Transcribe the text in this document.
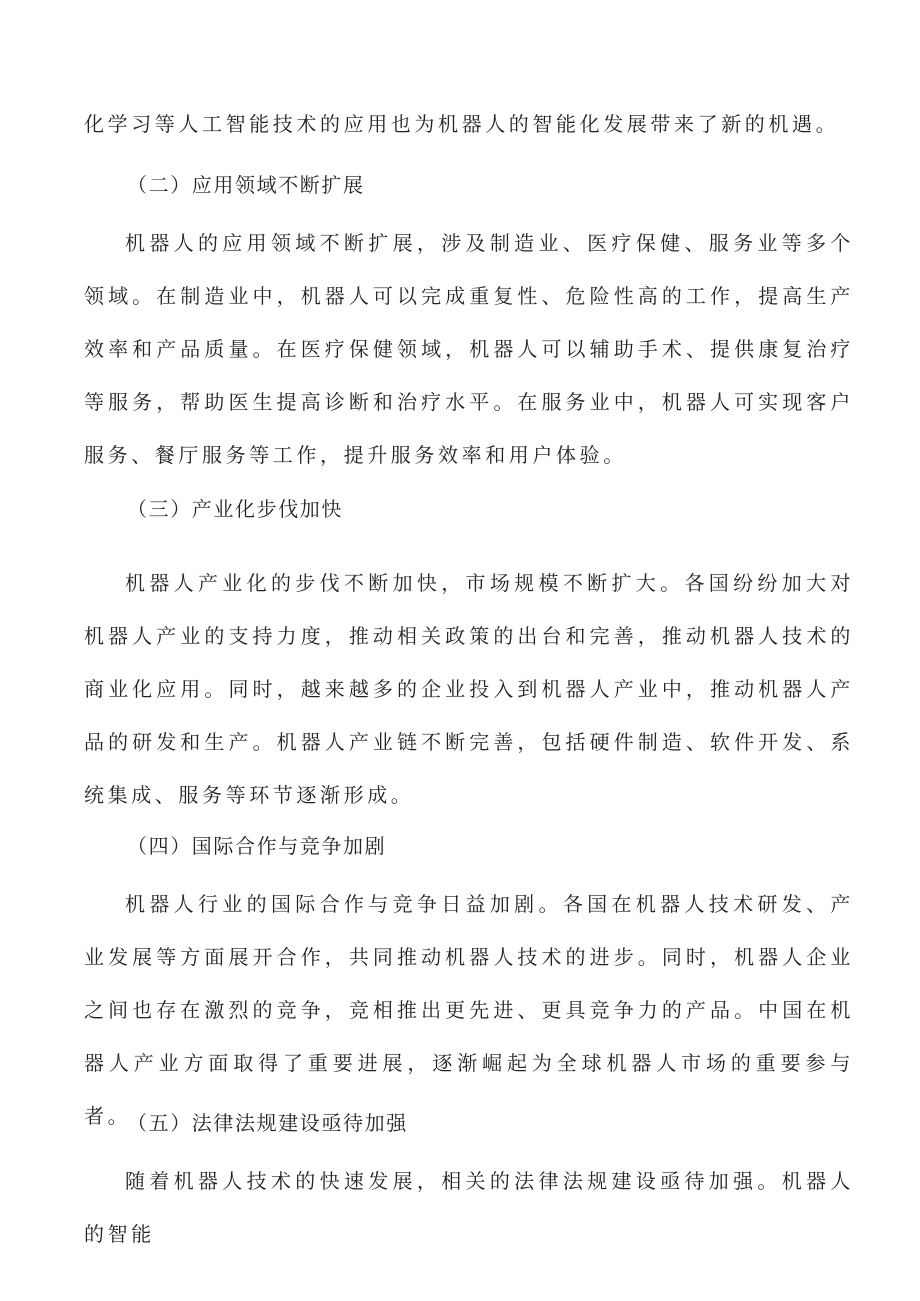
化学习等人工智能技术的应用也为机器人的智能化发展带来了新的机遇。
（二）应用领域不断扩展
机器人的应用领域不断扩展，涉及制造业、医疗保健、服务业等多个领域。在制造业中，机器人可以完成重复性、危险性高的工作，提高生产效率和产品质量。在医疗保健领域，机器人可以辅助手术、提供康复治疗等服务，帮助医生提高诊断和治疗水平。在服务业中，机器人可实现客户服务、餐厅服务等工作，提升服务效率和用户体验。
（三）产业化步伐加快
机器人产业化的步伐不断加快，市场规模不断扩大。各国纷纷加大对机器人产业的支持力度，推动相关政策的出台和完善，推动机器人技术的商业化应用。同时，越来越多的企业投入到机器人产业中，推动机器人产品的研发和生产。机器人产业链不断完善，包括硬件制造、软件开发、系统集成、服务等环节逐渐形成。
（四）国际合作与竞争加剧
机器人行业的国际合作与竞争日益加剧。各国在机器人技术研发、产业发展等方面展开合作，共同推动机器人技术的进步。同时，机器人企业之间也存在激烈的竞争，竞相推出更先进、更具竞争力的产品。中国在机器人产业方面取得了重要进展，逐渐崛起为全球机器人市场的重要参与者。
（五）法律法规建设亟待加强
随着机器人技术的快速发展，相关的法律法规建设亟待加强。机器人的智能
